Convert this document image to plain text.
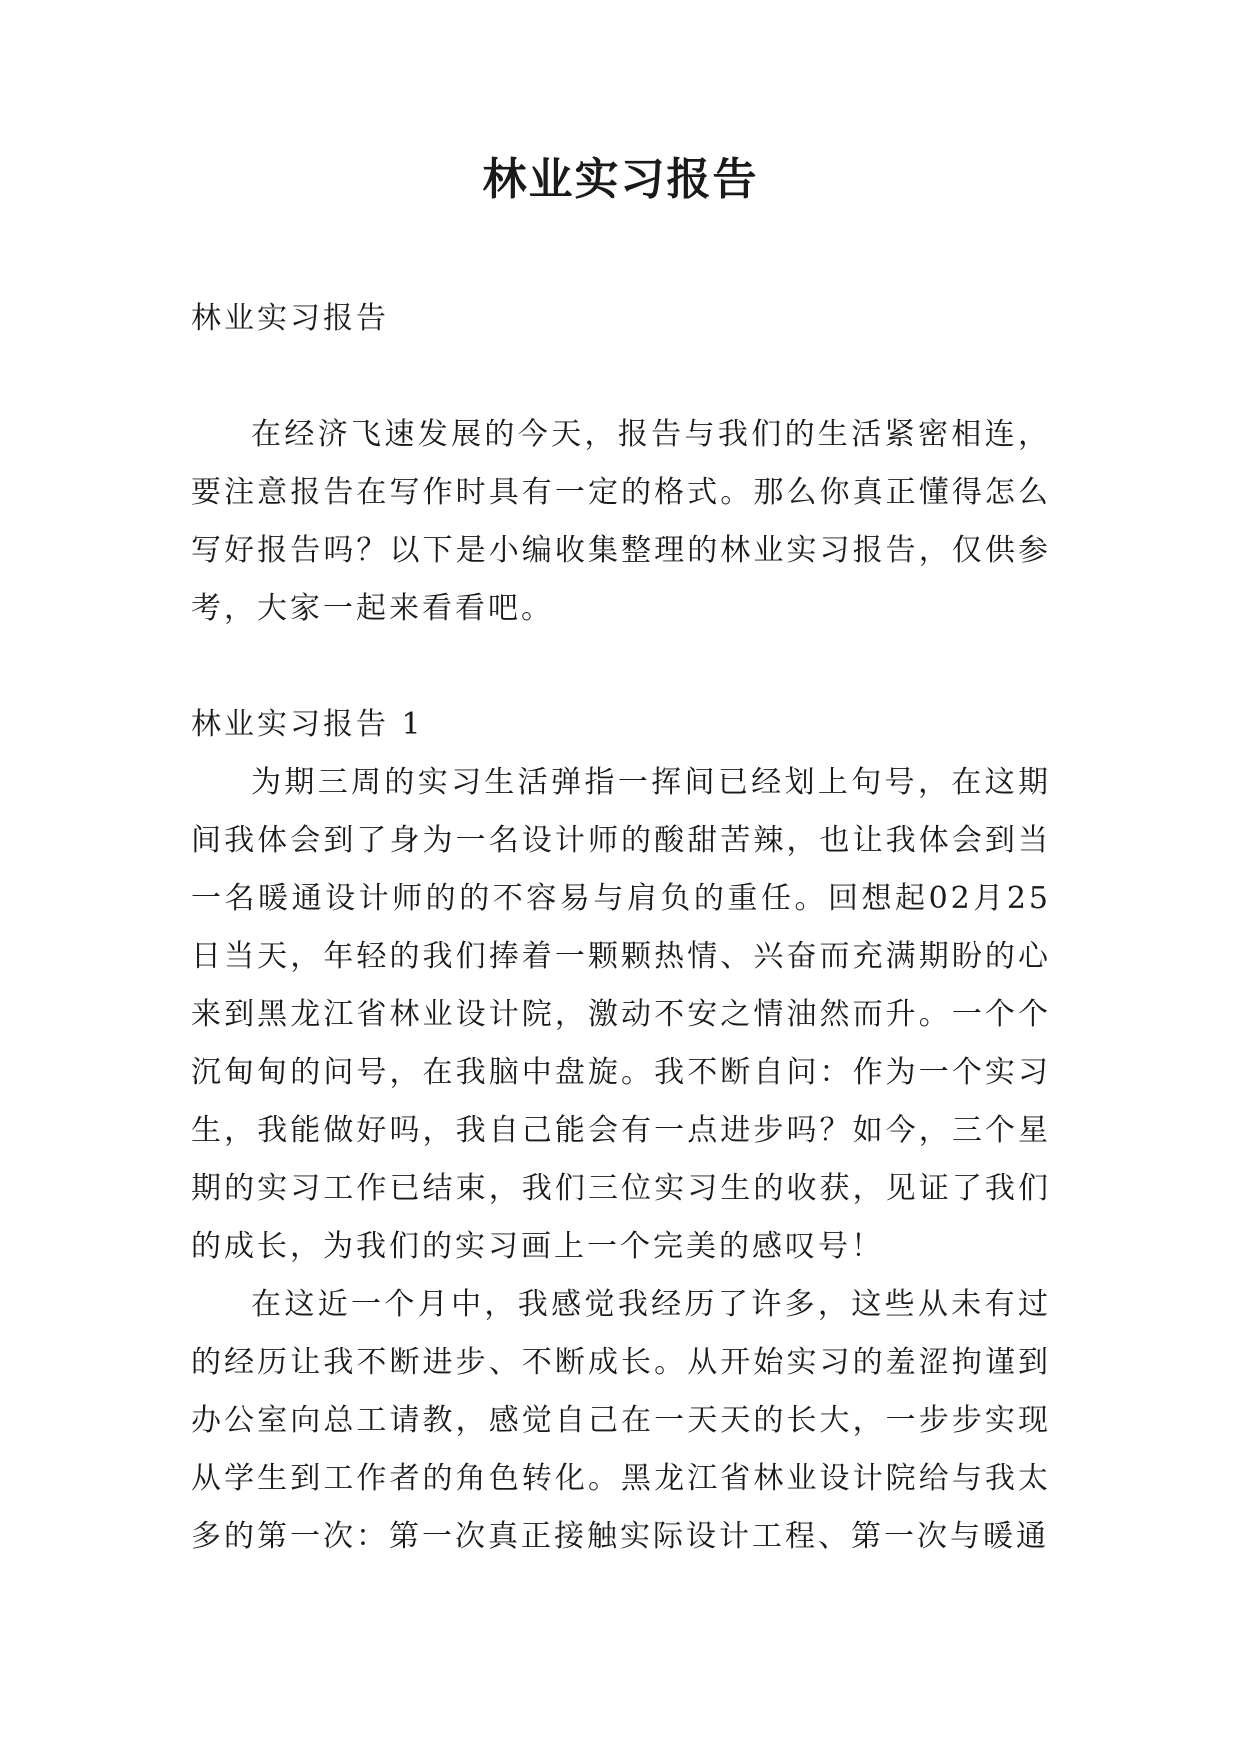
林业实习报告

林业实习报告

在经济飞速发展的今天，报告与我们的生活紧密相连，要注意报告在写作时具有一定的格式。那么你真正懂得怎么写好报告吗？以下是小编收集整理的林业实习报告，仅供参考，大家一起来看看吧。

林业实习报告 1

为期三周的实习生活弹指一挥间已经划上句号，在这期间我体会到了身为一名设计师的酸甜苦辣，也让我体会到当一名暖通设计师的的不容易与肩负的重任。回想起02月25日当天，年轻的我们捧着一颗颗热情、兴奋而充满期盼的心来到黑龙江省林业设计院，激动不安之情油然而升。一个个沉甸甸的问号，在我脑中盘旋。我不断自问：作为一个实习生，我能做好吗，我自己能会有一点进步吗？如今，三个星期的实习工作已结束，我们三位实习生的收获，见证了我们的成长，为我们的实习画上一个完美的感叹号！

在这近一个月中，我感觉我经历了许多，这些从未有过的经历让我不断进步、不断成长。从开始实习的羞涩拘谨到办公室向总工请教，感觉自己在一天天的长大，一步步实现从学生到工作者的角色转化。黑龙江省林业设计院给与我太多的第一次：第一次真正接触实际设计工程、第一次与暖通
